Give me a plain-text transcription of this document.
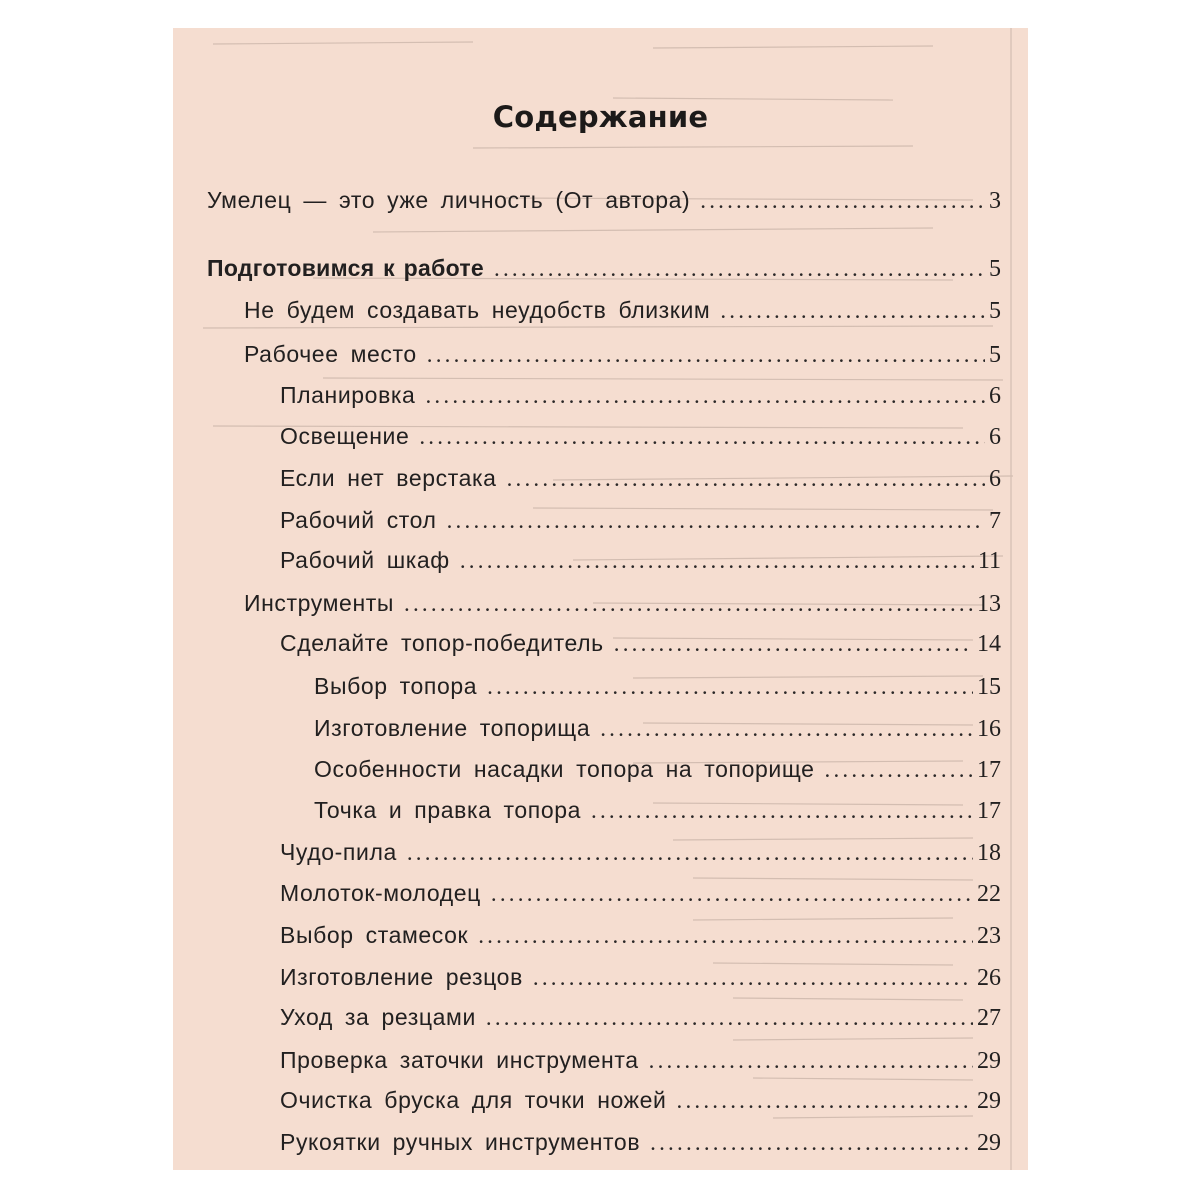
Содержание
Умелец — это уже личность (От автора) .....	3
Подготовимся к работе .....	5
Не будем создавать неудобств близким .....	5
Рабочее место .....	5
Планировка .....	6
Освещение .....	6
Если нет верстака .....	6
Рабочий стол .....	7
Рабочий шкаф .....	11
Инструменты .....	13
Сделайте топор-победитель .....	14
Выбор топора .....	15
Изготовление топорища .....	16
Особенности насадки топора на топорище .....	17
Точка и правка топора .....	17
Чудо-пила .....	18
Молоток-молодец .....	22
Выбор стамесок .....	23
Изготовление резцов .....	26
Уход за резцами .....	27
Проверка заточки инструмента .....	29
Очистка бруска для точки ножей .....	29
Рукоятки ручных инструментов .....	29
